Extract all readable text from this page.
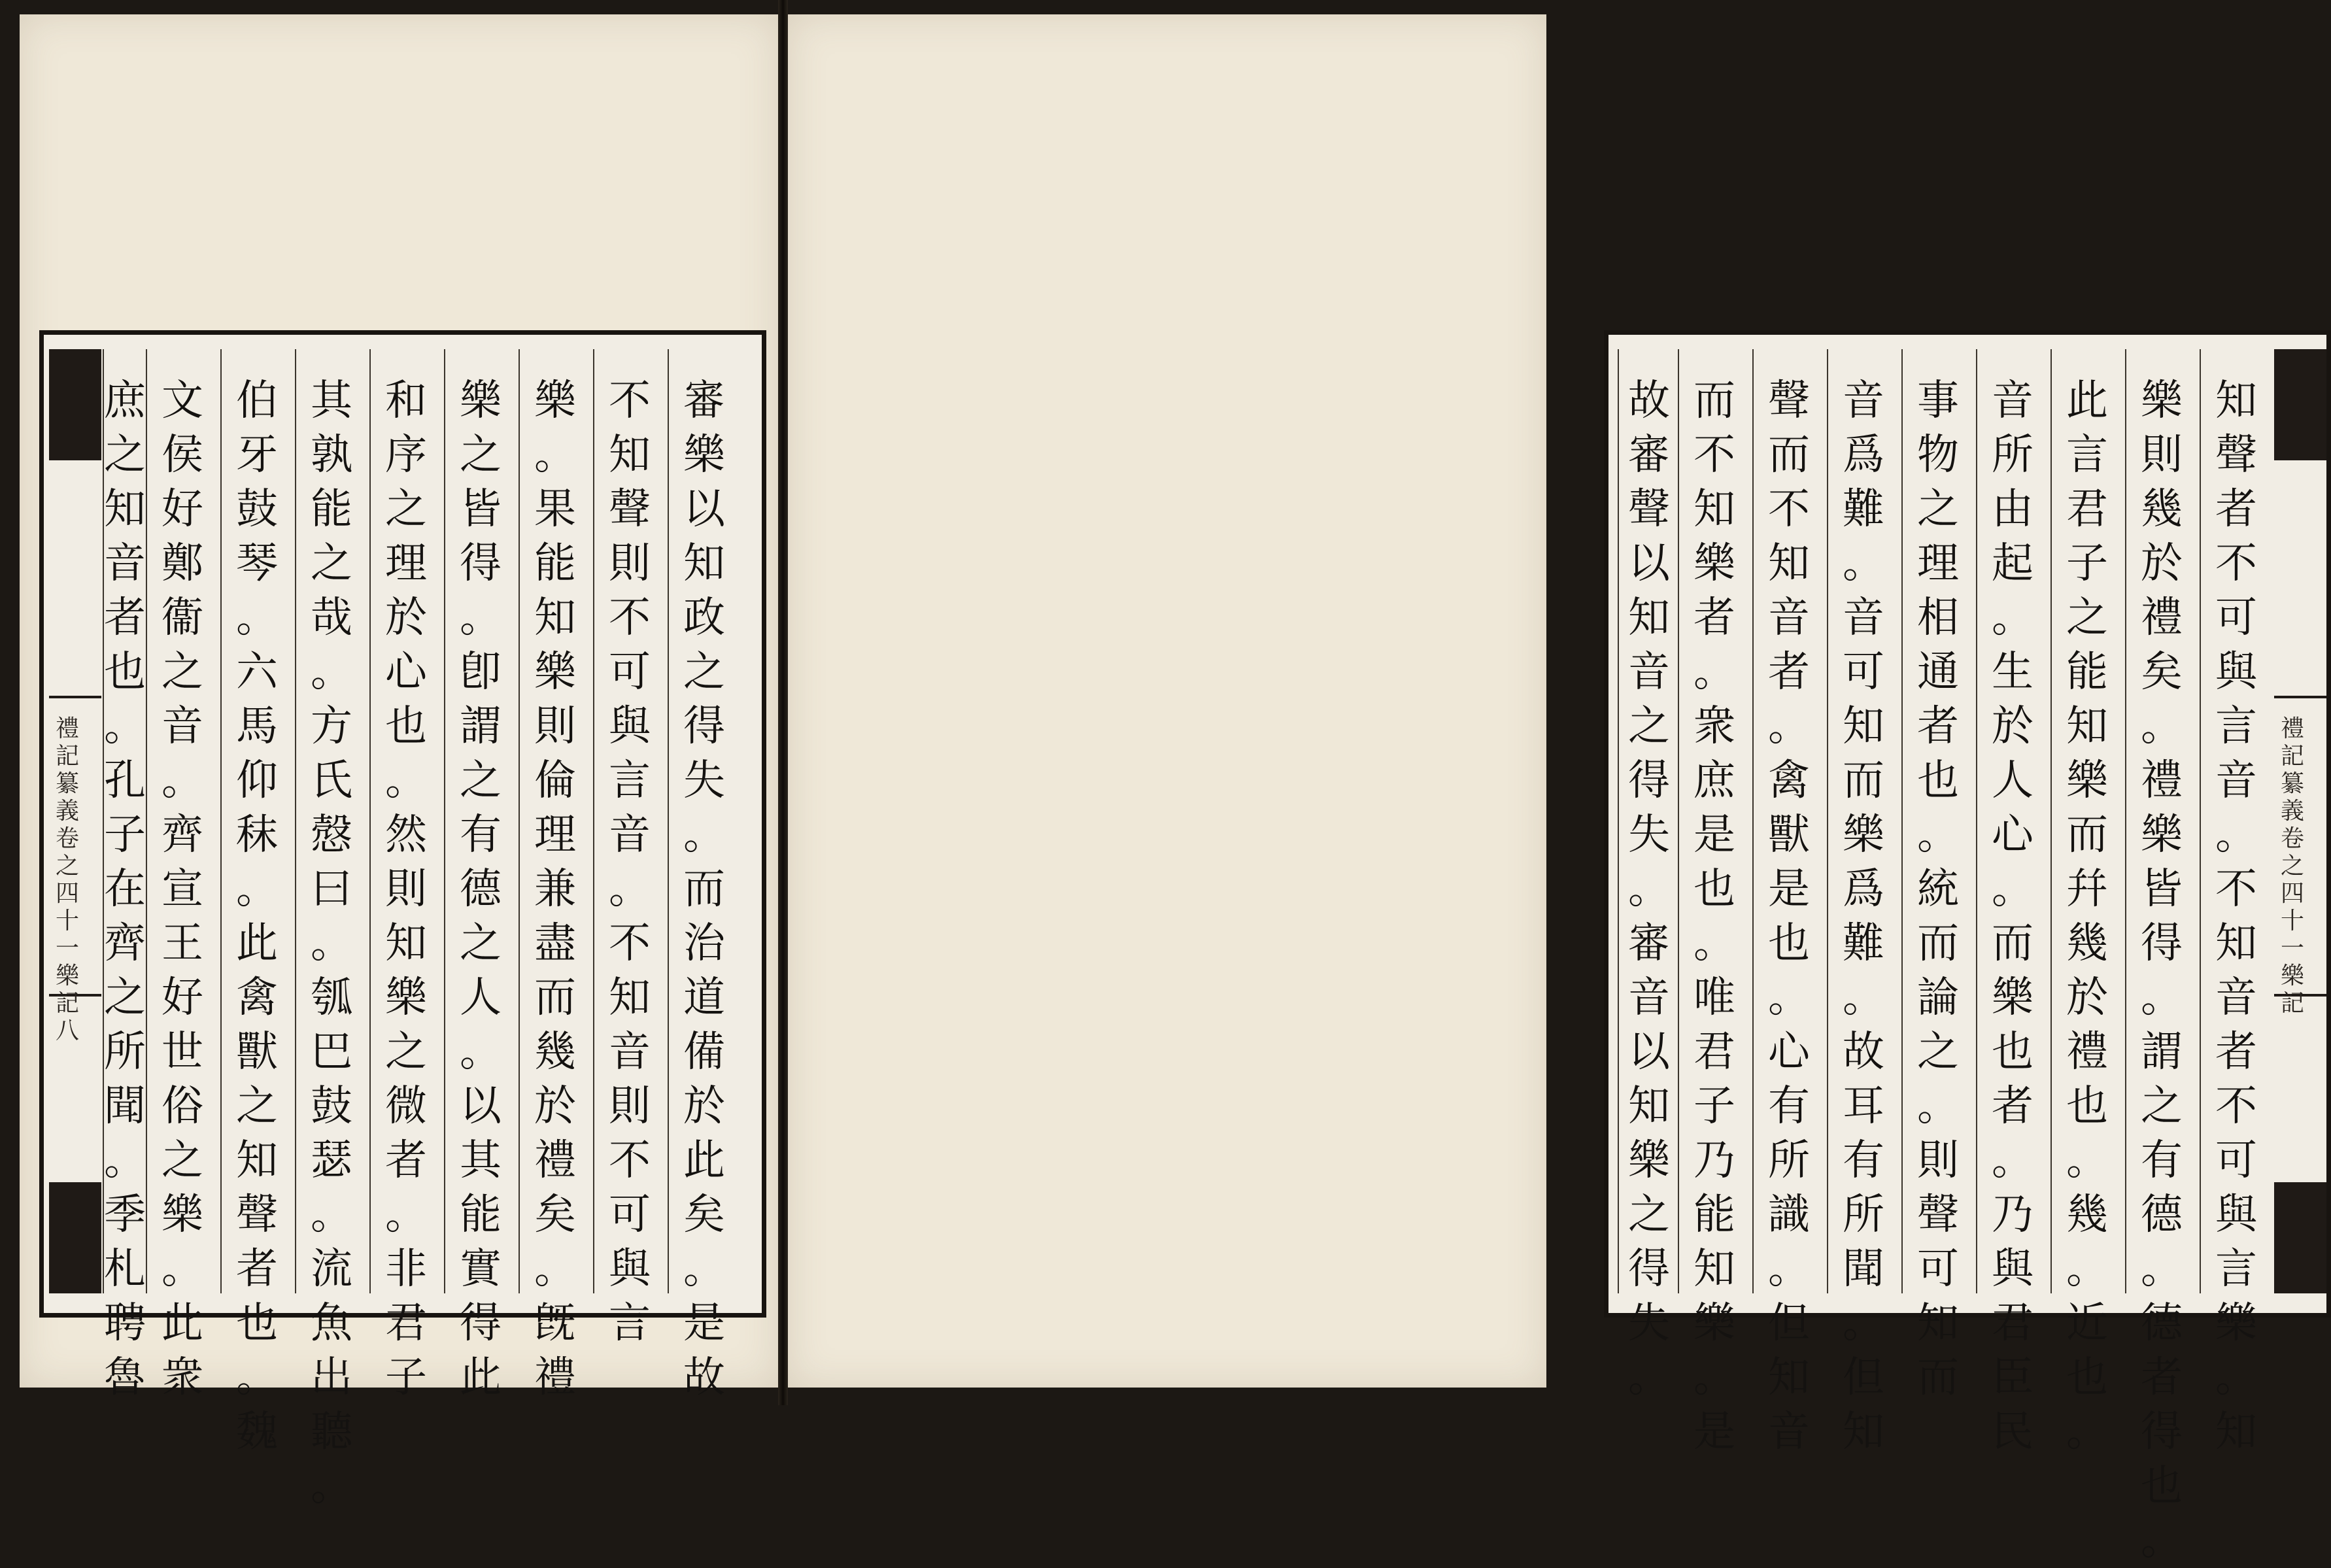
禮記纂義卷之四十一樂記八
審樂以知政之得失。而治道備於此矣。是故
不知聲則不可與言音。不知音則不可與言
樂。果能知樂則倫理兼盡而幾於禮矣。旣禮
樂之皆得。卽謂之有德之人。以其能實得此
和序之理於心也。然則知樂之微者。非君子
其孰能之哉。方氏慤曰。瓠巴鼓瑟。流魚出聽。
伯牙鼓琴。六馬仰秣。此禽獸之知聲者也。魏
文侯好鄭衞之音。齊宣王好世俗之樂。此衆
庶之知音者也。孔子在齊之所聞。季札聘魯
禮記纂義卷之四十一樂記
知聲者不可與言音。不知音者不可與言樂。知
樂則幾於禮矣。禮樂皆得。謂之有德。德者得也。
此言君子之能知樂而幷幾於禮也。幾。近也。
音所由起。生於人心。而樂也者。乃與君臣民
事物之理相通者也。統而論之。則聲可知而
音爲難。音可知而樂爲難。故耳有所聞。但知
聲而不知音者。禽獸是也。心有所識。但知音
而不知樂者。衆庶是也。唯君子乃能知樂。是
故審聲以知音之得失。審音以知樂之得失。
